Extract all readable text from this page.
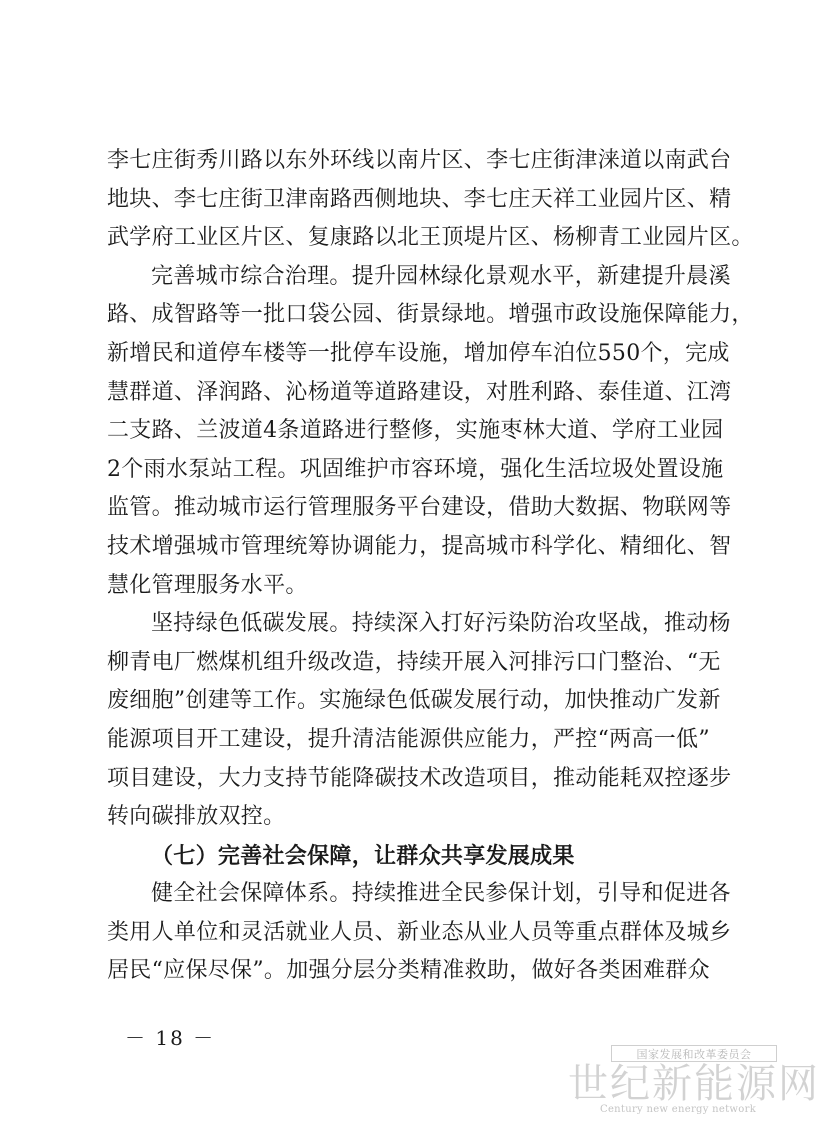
李七庄街秀川路以东外环线以南片区、李七庄街津涞道以南武台
地块、李七庄街卫津南路西侧地块、李七庄天祥工业园片区、精
武学府工业区片区、复康路以北王顶堤片区、杨柳青工业园片区。
完善城市综合治理。提升园林绿化景观水平，新建提升晨溪
路、成智路等一批口袋公园、街景绿地。增强市政设施保障能力，
新增民和道停车楼等一批停车设施，增加停车泊位550个，完成
慧群道、泽润路、沁杨道等道路建设，对胜利路、泰佳道、江湾
二支路、兰波道4条道路进行整修，实施枣林大道、学府工业园
2个雨水泵站工程。巩固维护市容环境，强化生活垃圾处置设施
监管。推动城市运行管理服务平台建设，借助大数据、物联网等
技术增强城市管理统筹协调能力，提高城市科学化、精细化、智
慧化管理服务水平。
坚持绿色低碳发展。持续深入打好污染防治攻坚战，推动杨
柳青电厂燃煤机组升级改造，持续开展入河排污口门整治、“无
废细胞”创建等工作。实施绿色低碳发展行动，加快推动广发新
能源项目开工建设，提升清洁能源供应能力，严控“两高一低”
项目建设，大力支持节能降碳技术改造项目，推动能耗双控逐步
转向碳排放双控。
（七）完善社会保障，让群众共享发展成果
健全社会保障体系。持续推进全民参保计划，引导和促进各
类用人单位和灵活就业人员、新业态从业人员等重点群体及城乡
居民“应保尽保”。加强分层分类精准救助，做好各类困难群众
－ 18 －
国家发展和改革委员会
世纪新能源网
Century new energy network
